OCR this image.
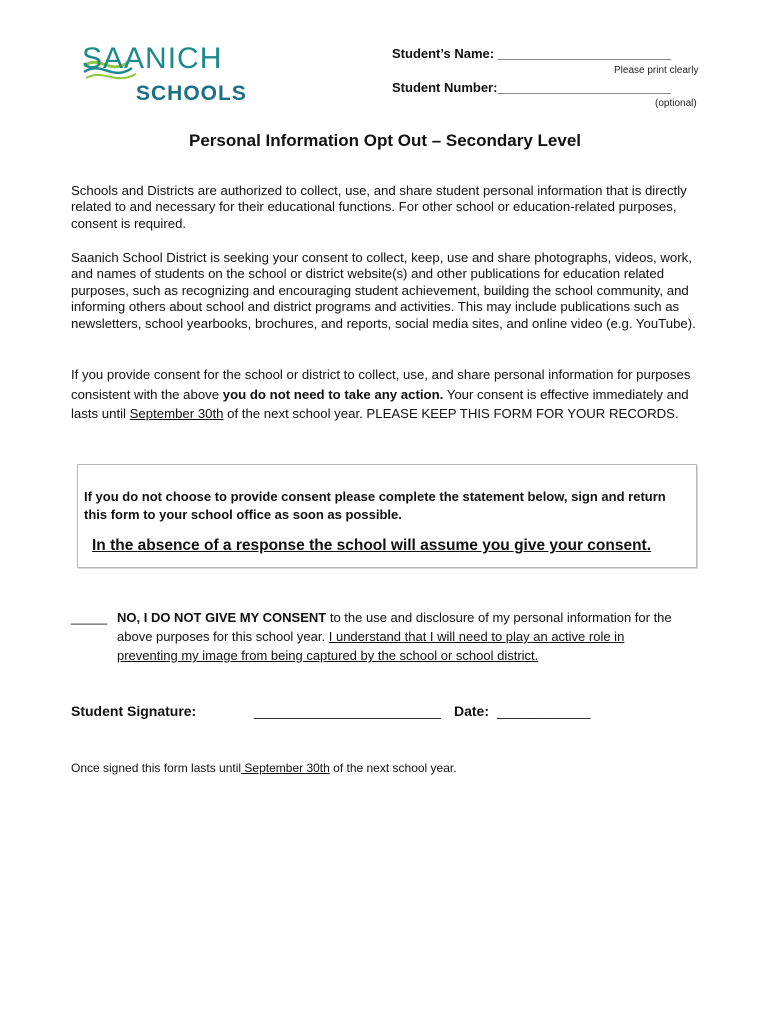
SAANICH
SCHOOLS
Student’s Name: ________________________
Please print clearly
Student Number:________________________
(optional)
Personal Information Opt Out – Secondary Level
Schools and Districts are authorized to collect, use, and share student personal information that is directly related to and necessary for their educational functions. For other school or education-related purposes, consent is required.
Saanich School District is seeking your consent to collect, keep, use and share photographs, videos, work, and names of students on the school or district website(s) and other publications for education related purposes, such as recognizing and encouraging student achievement, building the school community, and informing others about school and district programs and activities. This may include publications such as newsletters, school yearbooks, brochures, and reports, social media sites, and online video (e.g. YouTube).
If you provide consent for the school or district to collect, use, and share personal information for purposes consistent with the above you do not need to take any action. Your consent is effective immediately and lasts until September 30th of the next school year. PLEASE KEEP THIS FORM FOR YOUR RECORDS.
If you do not choose to provide consent please complete the statement below, sign and return this form to your school office as soon as possible.
In the absence of a response the school will assume you give your consent.
_____ NO, I DO NOT GIVE MY CONSENT to the use and disclosure of my personal information for the above purposes for this school year. I understand that I will need to play an active role in preventing my image from being captured by the school or school district.
Student Signature:	________________________ Date: ____________
Once signed this form lasts until September 30th of the next school year.
